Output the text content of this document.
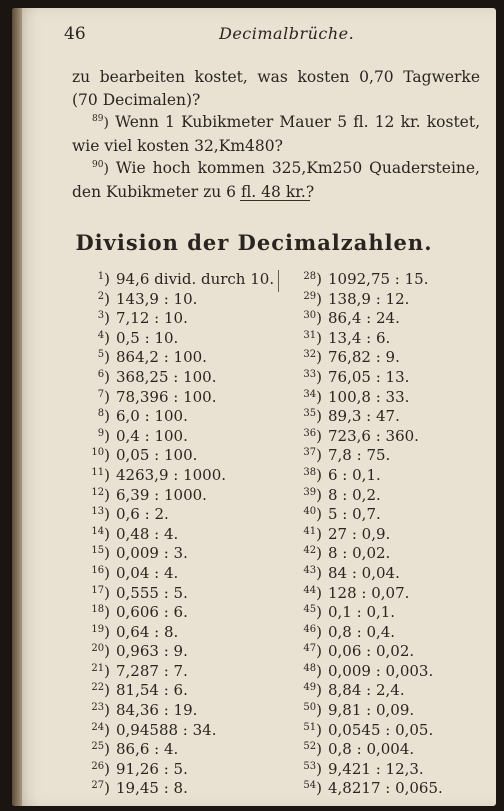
46	Decimalbrüche.

zu bearbeiten kostet, was kosten 0,70 Tagwerke (70 Decimalen)?

$^{89}$) Wenn 1 Kubikmeter Mauer 5 fl. 12 kr. kostet, wie viel kosten 32,Km480?

$^{90}$) Wie hoch kommen 325,Km250 Quadersteine, den Kubikmeter zu 6 fl. 48 kr.?

Division der Decimalzahlen.
$^1$) 94,6 divid. durch 10.
$^2$) 143,9 : 10.
$^3$) 7,12 : 10.
$^4$) 0,5 : 10.
$^5$) 864,2 : 100.
$^6$) 368,25 : 100.
$^7$) 78,396 : 100.
$^8$) 6,0 : 100.
$^9$) 0,4 : 100.
$^{10}$) 0,05 : 100.
$^{11}$) 4263,9 : 1000.
$^{12}$) 6,39 : 1000.
$^{13}$) 0,6 : 2.
$^{14}$) 0,48 : 4.
$^{15}$) 0,009 : 3.
$^{16}$) 0,04 : 4.
$^{17}$) 0,555 : 5.
$^{18}$) 0,606 : 6.
$^{19}$) 0,64 : 8.
$^{20}$) 0,963 : 9.
$^{21}$) 7,287 : 7.
$^{22}$) 81,54 : 6.
$^{23}$) 84,36 : 19.
$^{24}$) 0,94588 : 34.
$^{25}$) 86,6 : 4.
$^{26}$) 91,26 : 5.
$^{27}$) 19,45 : 8.
$^{28}$) 1092,75 : 15.
$^{29}$) 138,9 : 12.
$^{30}$) 86,4 : 24.
$^{31}$) 13,4 : 6.
$^{32}$) 76,82 : 9.
$^{33}$) 76,05 : 13.
$^{34}$) 100,8 : 33.
$^{35}$) 89,3 : 47.
$^{36}$) 723,6 : 360.
$^{37}$) 7,8 : 75.
$^{38}$) 6 : 0,1.
$^{39}$) 8 : 0,2.
$^{40}$) 5 : 0,7.
$^{41}$) 27 : 0,9.
$^{42}$) 8 : 0,02.
$^{43}$) 84 : 0,04.
$^{44}$) 128 : 0,07.
$^{45}$) 0,1 : 0,1.
$^{46}$) 0,8 : 0,4.
$^{47}$) 0,06 : 0,02.
$^{48}$) 0,009 : 0,003.
$^{49}$) 8,84 : 2,4.
$^{50}$) 9,81 : 0,09.
$^{51}$) 0,0545 : 0,05.
$^{52}$) 0,8 : 0,004.
$^{53}$) 9,421 : 12,3.
$^{54}$) 4,8217 : 0,065.
